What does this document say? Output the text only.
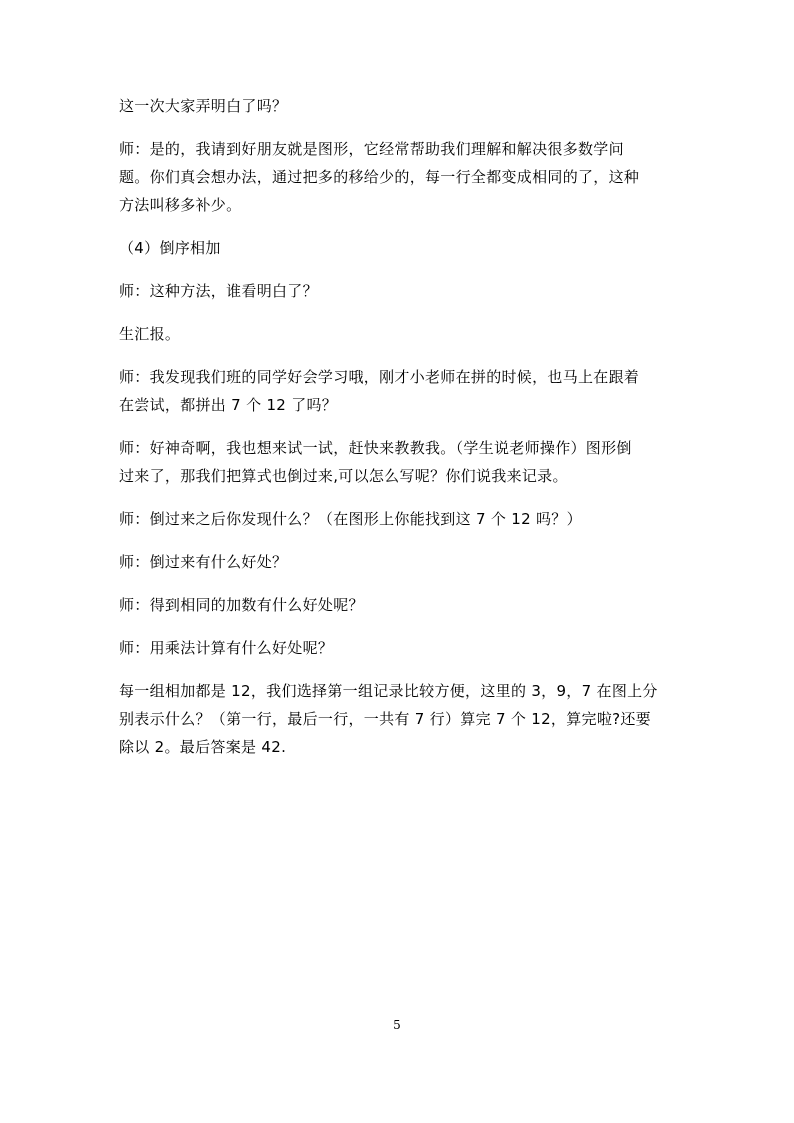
这一次大家弄明白了吗？

师：是的，我请到好朋友就是图形，它经常帮助我们理解和解决很多数学问
题。你们真会想办法，通过把多的移给少的，每一行全都变成相同的了，这种
方法叫移多补少。

（4）倒序相加

师：这种方法，谁看明白了？

生汇报。

师：我发现我们班的同学好会学习哦，刚才小老师在拼的时候，也马上在跟着
在尝试，都拼出 7 个 12 了吗？

师：好神奇啊，我也想来试一试，赶快来教教我。（学生说老师操作）图形倒
过来了，那我们把算式也倒过来,可以怎么写呢？你们说我来记录。

师：倒过来之后你发现什么？（在图形上你能找到这 7 个 12 吗？）

师：倒过来有什么好处？

师：得到相同的加数有什么好处呢？

师：用乘法计算有什么好处呢？

每一组相加都是 12，我们选择第一组记录比较方便，这里的 3，9，7 在图上分
别表示什么？（第一行，最后一行，一共有 7 行）算完 7 个 12，算完啦?还要
除以 2。最后答案是 42.

5
